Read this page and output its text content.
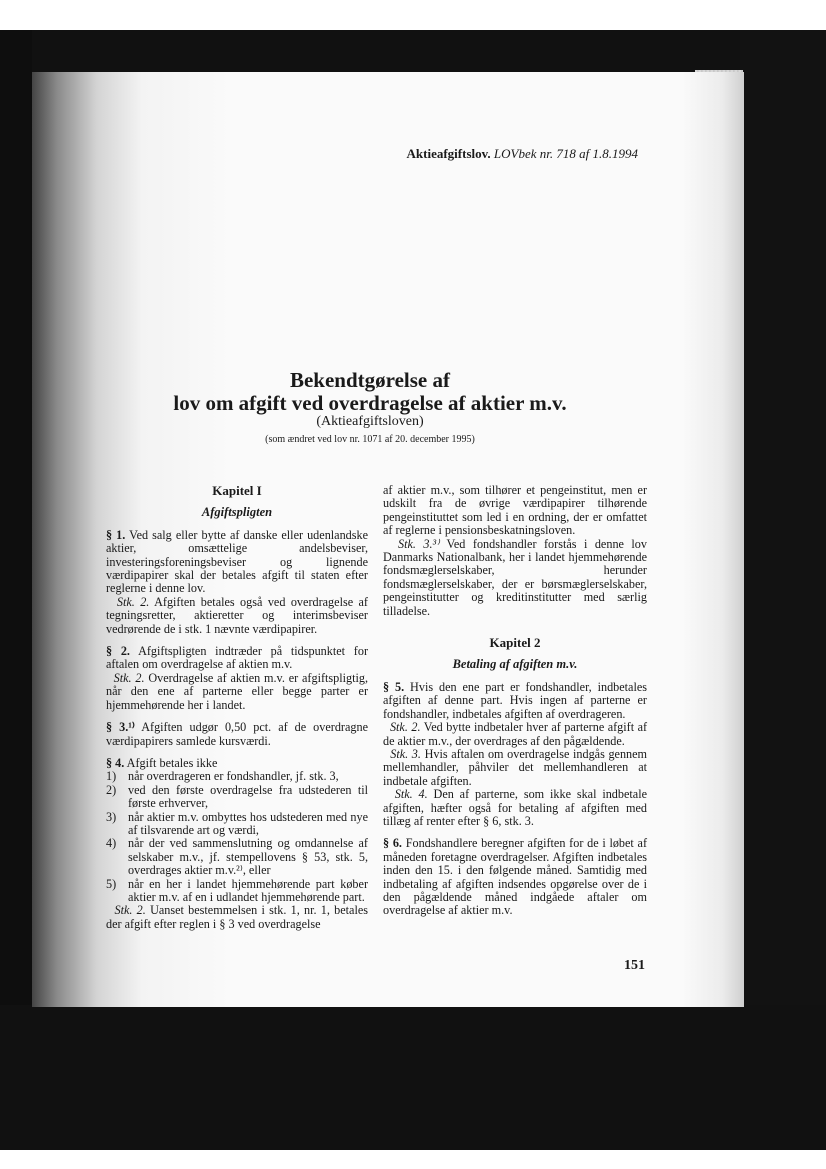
Aktieafgiftslov. LOVbek nr. 718 af 1.8.1994
Bekendtgørelse af
lov om afgift ved overdragelse af aktier m.v.
(Aktieafgiftsloven)
(som ændret ved lov nr. 1071 af 20. december 1995)

Kapitel I

Afgiftspligten

§ 1. Ved salg eller bytte af danske eller udenlandske aktier, omsættelige andelsbeviser, investeringsforeningsbeviser og lignende værdipapirer skal der betales afgift til staten efter reglerne i denne lov.

Stk. 2. Afgiften betales også ved overdragelse af tegningsretter, aktieretter og interimsbeviser vedrørende de i stk. 1 nævnte værdipapirer.

§ 2. Afgiftspligten indtræder på tidspunktet for aftalen om overdragelse af aktien m.v.

Stk. 2. Overdragelse af aktien m.v. er afgiftspligtig, når den ene af parterne eller begge parter er hjemmehørende her i landet.

§ 3.¹⁾ Afgiften udgør 0,50 pct. af de overdragne værdipapirers samlede kursværdi.

§ 4. Afgift betales ikke

1) når overdrageren er fondshandler, jf. stk. 3,
2) ved den første overdragelse fra udstederen til første erhverver,
3) når aktier m.v. ombyttes hos udstederen med nye af tilsvarende art og værdi,
4) når der ved sammenslutning og omdannelse af selskaber m.v., jf. stempellovens § 53, stk. 5, overdrages aktier m.v.²⁾, eller
5) når en her i landet hjemmehørende part køber aktier m.v. af en i udlandet hjemmehørende part.

Stk. 2. Uanset bestemmelsen i stk. 1, nr. 1, betales der afgift efter reglen i § 3 ved overdragelse

af aktier m.v., som tilhører et pengeinstitut, men er udskilt fra de øvrige værdipapirer tilhørende pengeinstituttet som led i en ordning, der er omfattet af reglerne i pensionsbeskatningsloven.

Stk. 3.³⁾ Ved fondshandler forstås i denne lov Danmarks Nationalbank, her i landet hjemmehørende fondsmæglerselskaber, herunder fondsmæglerselskaber, der er børsmæglerselskaber, pengeinstitutter og kreditinstitutter med særlig tilladelse.

Kapitel 2

Betaling af afgiften m.v.

§ 5. Hvis den ene part er fondshandler, indbetales afgiften af denne part. Hvis ingen af parterne er fondshandler, indbetales afgiften af overdrageren.

Stk. 2. Ved bytte indbetaler hver af parterne afgift af de aktier m.v., der overdrages af den pågældende.

Stk. 3. Hvis aftalen om overdragelse indgås gennem mellemhandler, påhviler det mellemhandleren at indbetale afgiften.

Stk. 4. Den af parterne, som ikke skal indbetale afgiften, hæfter også for betaling af afgiften med tillæg af renter efter § 6, stk. 3.

§ 6. Fondshandlere beregner afgiften for de i løbet af måneden foretagne overdragelser. Afgiften indbetales inden den 15. i den følgende måned. Samtidig med indbetaling af afgiften indsendes opgørelse over de i den pågældende måned indgåede aftaler om overdragelse af aktier m.v.

151
